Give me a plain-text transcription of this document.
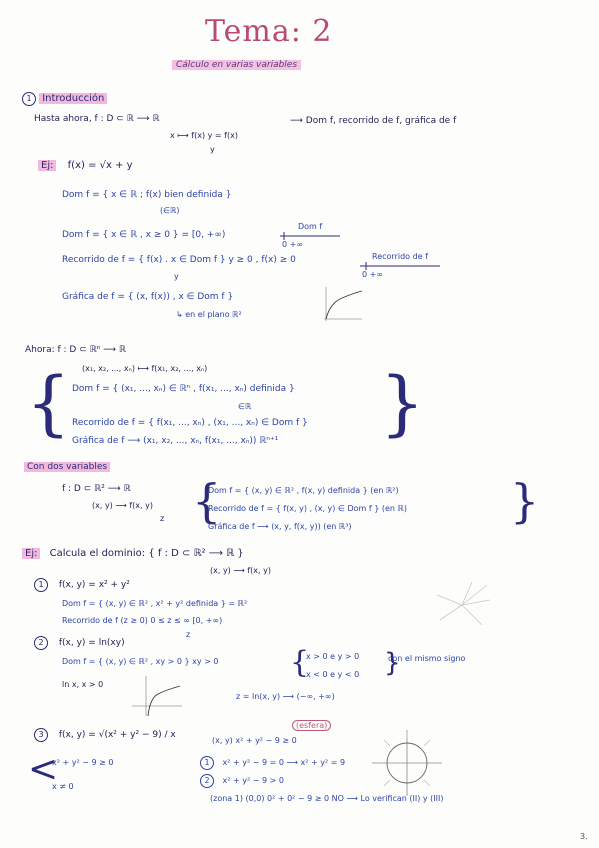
Tema: 2
Cálculo en varias variables
1 Introducción
Hasta ahora, f : D ⊂ ℝ ⟶ ℝ	⟶ Dom f, recorrido de f, gráfica de f
x ⟼ f(x) y = f(x)
y
Ej: f(x) = √x + y
Dom f = { x ∈ ℝ ; f(x) bien definida }
(∈ℝ)
Dom f = { x ∈ ℝ , x ≥ 0 } = [0, +∞)
Dom f
0 +∞
Recorrido de f = { f(x) . x ∈ Dom f } y ≥ 0 , f(x) ≥ 0
y
Recorrido de f
0 +∞
Gráfica de f = { (x, f(x)) , x ∈ Dom f }
↳ en el plano ℝ²
Ahora: f : D ⊂ ℝⁿ ⟶ ℝ
(x₁, x₂, ..., xₙ) ⟼ f(x₁, x₂, ..., xₙ)
{ Dom f = { (x₁, ..., xₙ) ∈ ℝⁿ , f(x₁, ..., xₙ) definida }
∈ℝ
Recorrido de f = { f(x₁, ..., xₙ) , (x₁, ..., xₙ) ∈ Dom f }
Gráfica de f ⟶ (x₁, x₂, ..., xₙ, f(x₁, ..., xₙ)) ℝⁿ⁺¹ }
Con dos variables
f : D ⊂ ℝ² ⟶ ℝ
(x, y) ⟶ f(x, y)
z {
Dom f = { (x, y) ∈ ℝ² , f(x, y) definida } (en ℝ²)
Recorrido de f = { f(x, y) , (x, y) ∈ Dom f } (en ℝ)
Gráfica de f ⟶ (x, y, f(x, y)) (en ℝ³)	}
Ej: Calcula el dominio: { f : D ⊂ ℝ² ⟶ ℝ }
(x, y) ⟶ f(x, y)
1 f(x, y) = x² + y²
Dom f = { (x, y) ∈ ℝ² , x² + y² definida } = ℝ²
Recorrido de f (z ≥ 0) 0 ≤ z ≤ ∞ [0, +∞)
z
2 f(x, y) = ln(xy)
Dom f = { (x, y) ∈ ℝ² , xy > 0 } xy > 0 {
x > 0 e y > 0
x < 0 e y < 0
con el mismo signo
}
ln x, x > 0
z = ln(x, y) ⟶ (−∞, +∞)
3 f(x, y) = √(x² + y² − 9) / x
<
x² + y² − 9 ≥ 0
x ≠ 0
(esfera)
(x, y) x² + y² − 9 ≥ 0
1 x² + y² − 9 = 0 ⟶ x² + y² = 9
2 x² + y² − 9 > 0
(zona 1) (0,0) 0² + 0² − 9 ≥ 0 NO ⟶ Lo verifican (II) y (III)
3.
